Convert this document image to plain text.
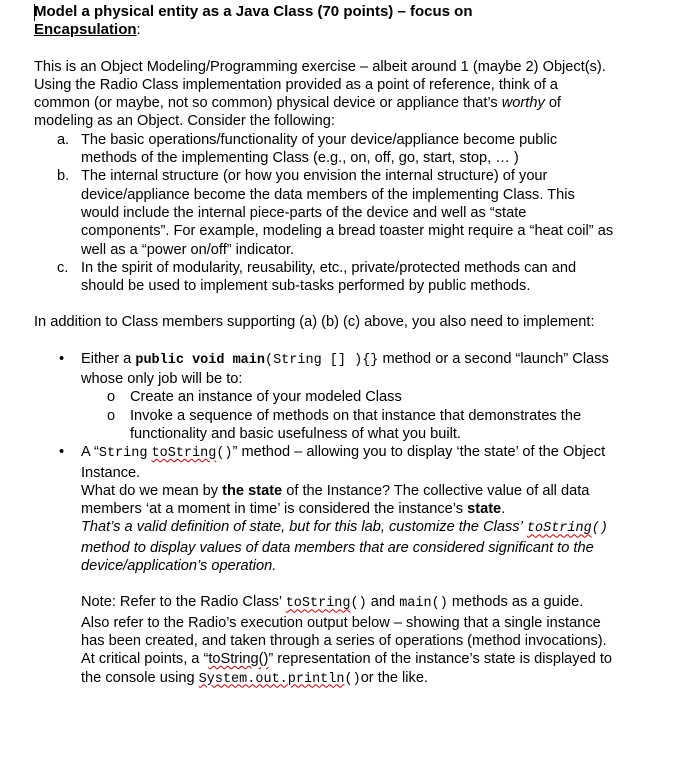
Model a physical entity as a Java Class (70 points) – focus on
Encapsulation:

This is an Object Modeling/Programming exercise – albeit around 1 (maybe 2) Object(s). Using the Radio Class implementation provided as a point of reference, think of a common (or maybe, not so common) physical device or appliance that’s worthy of modeling as an Object. Consider the following:

a. The basic operations/functionality of your device/appliance become public methods of the implementing Class (e.g., on, off, go, start, stop, … )
b. The internal structure (or how you envision the internal structure) of your device/appliance become the data members of the implementing Class. This would include the internal piece-parts of the device and well as “state components”. For example, modeling a bread toaster might require a “heat coil” as well as a “power on/off” indicator.
c. In the spirit of modularity, reusability, etc., private/protected methods can and should be used to implement sub-tasks performed by public methods.

In addition to Class members supporting (a) (b) (c) above, you also need to implement:

• Either a public void main(String [] ){} method or a second “launch” Class whose only job will be to:
o Create an instance of your modeled Class
o Invoke a sequence of methods on that instance that demonstrates the functionality and basic usefulness of what you built.
• A “String toString()” method – allowing you to display ‘the state’ of the Object Instance.
What do we mean by the state of the Instance? The collective value of all data members ‘at a moment in time’ is considered the instance’s state.
That’s a valid definition of state, but for this lab, customize the Class’ toString() method to display values of data members that are considered significant to the device/application’s operation.

Note: Refer to the Radio Class’ toString() and main() methods as a guide. Also refer to the Radio’s execution output below – showing that a single instance has been created, and taken through a series of operations (method invocations). At critical points, a “toString()” representation of the instance’s state is displayed to the console using System.out.println()or the like.
